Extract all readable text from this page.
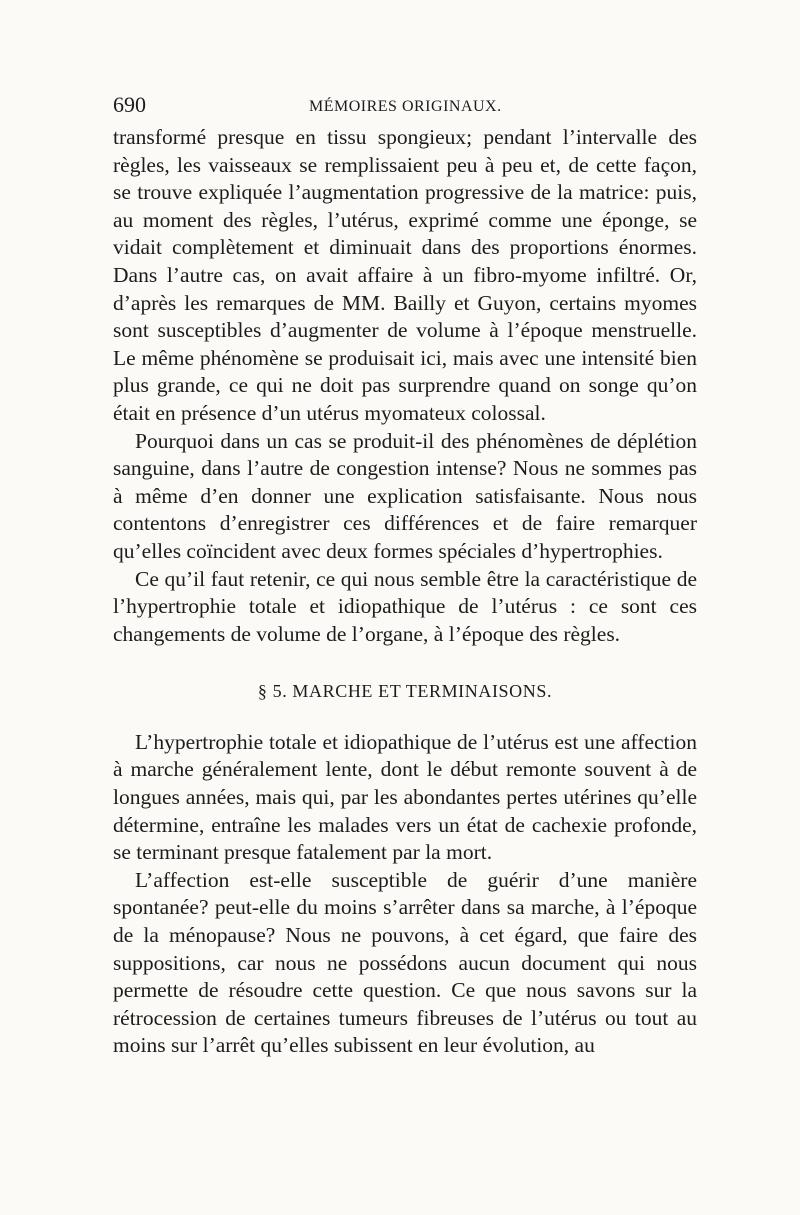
690	MÉMOIRES ORIGINAUX.

transformé presque en tissu spongieux; pendant l’intervalle des règles, les vaisseaux se remplissaient peu à peu et, de cette façon, se trouve expliquée l’augmentation progressive de la matrice: puis, au moment des règles, l’utérus, exprimé comme une éponge, se vidait complètement et diminuait dans des proportions énormes. Dans l’autre cas, on avait affaire à un fibro-myome infiltré. Or, d’après les remarques de MM. Bailly et Guyon, certains myomes sont susceptibles d’augmenter de volume à l’époque menstruelle. Le même phénomène se produisait ici, mais avec une intensité bien plus grande, ce qui ne doit pas surprendre quand on songe qu’on était en présence d’un utérus myomateux colossal.

Pourquoi dans un cas se produit-il des phénomènes de déplétion sanguine, dans l’autre de congestion intense? Nous ne sommes pas à même d’en donner une explication satisfaisante. Nous nous contentons d’enregistrer ces différences et de faire remarquer qu’elles coïncident avec deux formes spéciales d’hypertrophies.

Ce qu’il faut retenir, ce qui nous semble être la caractéristique de l’hypertrophie totale et idiopathique de l’utérus : ce sont ces changements de volume de l’organe, à l’époque des règles.

§ 5. MARCHE ET TERMINAISONS.

L’hypertrophie totale et idiopathique de l’utérus est une affection à marche généralement lente, dont le début remonte souvent à de longues années, mais qui, par les abondantes pertes utérines qu’elle détermine, entraîne les malades vers un état de cachexie profonde, se terminant presque fatalement par la mort.

L’affection est-elle susceptible de guérir d’une manière spontanée? peut-elle du moins s’arrêter dans sa marche, à l’époque de la ménopause? Nous ne pouvons, à cet égard, que faire des suppositions, car nous ne possédons aucun document qui nous permette de résoudre cette question. Ce que nous savons sur la rétrocession de certaines tumeurs fibreuses de l’utérus ou tout au moins sur l’arrêt qu’elles subissent en leur évolution, au
